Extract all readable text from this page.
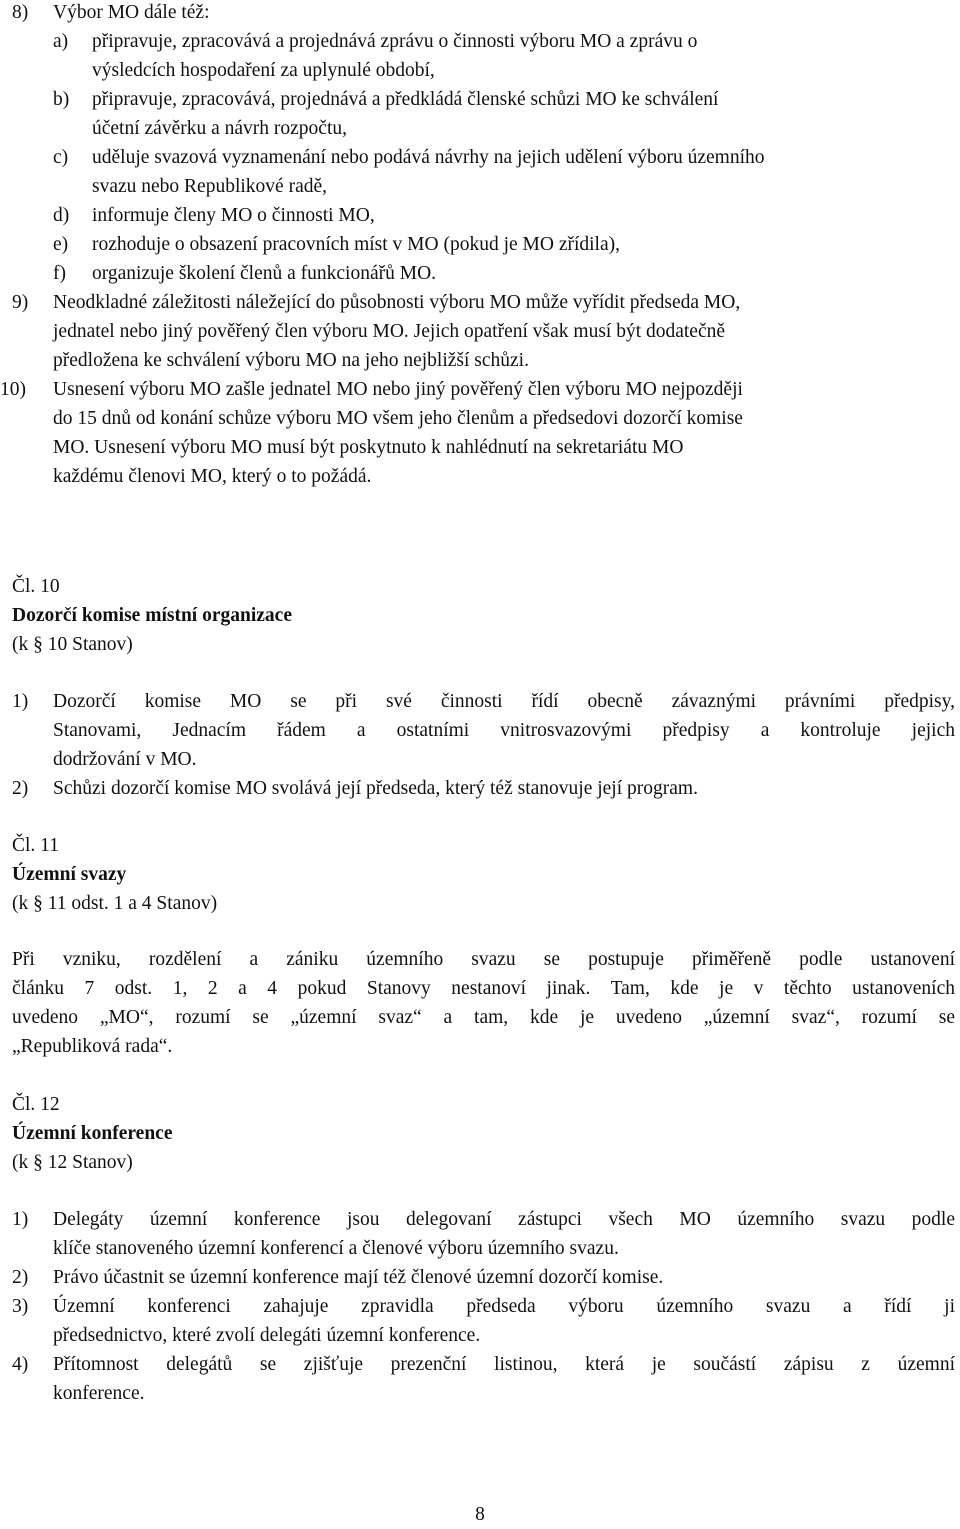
8) Výbor MO dále též:
a) připravuje, zpracovává a projednává zprávu o činnosti výboru MO a zprávu o
výsledcích hospodaření za uplynulé období,
b) připravuje, zpracovává, projednává a předkládá členské schůzi MO ke schválení
účetní závěrku a návrh rozpočtu,
c) uděluje svazová vyznamenání nebo podává návrhy na jejich udělení výboru územního
svazu nebo Republikové radě,
d) informuje členy MO o činnosti MO,
e) rozhoduje o obsazení pracovních míst v MO (pokud je MO zřídila),
f) organizuje školení členů a funkcionářů MO.
9) Neodkladné záležitosti náležející do působnosti výboru MO může vyřídit předseda MO,
jednatel nebo jiný pověřený člen výboru MO. Jejich opatření však musí být dodatečně
předložena ke schválení výboru MO na jeho nejbližší schůzi.
10) Usnesení výboru MO zašle jednatel MO nebo jiný pověřený člen výboru MO nejpozději
do 15 dnů od konání schůze výboru MO všem jeho členům a předsedovi dozorčí komise
MO. Usnesení výboru MO musí být poskytnuto k nahlédnutí na sekretariátu MO
každému členovi MO, který o to požádá.
Čl. 10
Dozorčí komise místní organizace
(k § 10 Stanov)
1) Dozorčí komise MO se při své činnosti řídí obecně závaznými právními předpisy,
Stanovami, Jednacím řádem a ostatními vnitrosvazovými předpisy a kontroluje jejich
dodržování v MO.
2) Schůzi dozorčí komise MO svolává její předseda, který též stanovuje její program.
Čl. 11
Územní svazy
(k § 11 odst. 1 a 4 Stanov)
Při vzniku, rozdělení a zániku územního svazu se postupuje přiměřeně podle ustanovení
článku 7 odst. 1, 2 a 4 pokud Stanovy nestanoví jinak. Tam, kde je v těchto ustanoveních
uvedeno „MO“, rozumí se „územní svaz“ a tam, kde je uvedeno „územní svaz“, rozumí se
„Republiková rada“.
Čl. 12
Územní konference
(k § 12 Stanov)
1) Delegáty územní konference jsou delegovaní zástupci všech MO územního svazu podle
klíče stanoveného územní konferencí a členové výboru územního svazu.
2) Právo účastnit se územní konference mají též členové územní dozorčí komise.
3) Územní konferenci zahajuje zpravidla předseda výboru územního svazu a řídí ji
předsednictvo, které zvolí delegáti územní konference.
4) Přítomnost delegátů se zjišťuje prezenční listinou, která je součástí zápisu z územní
konference.
8
